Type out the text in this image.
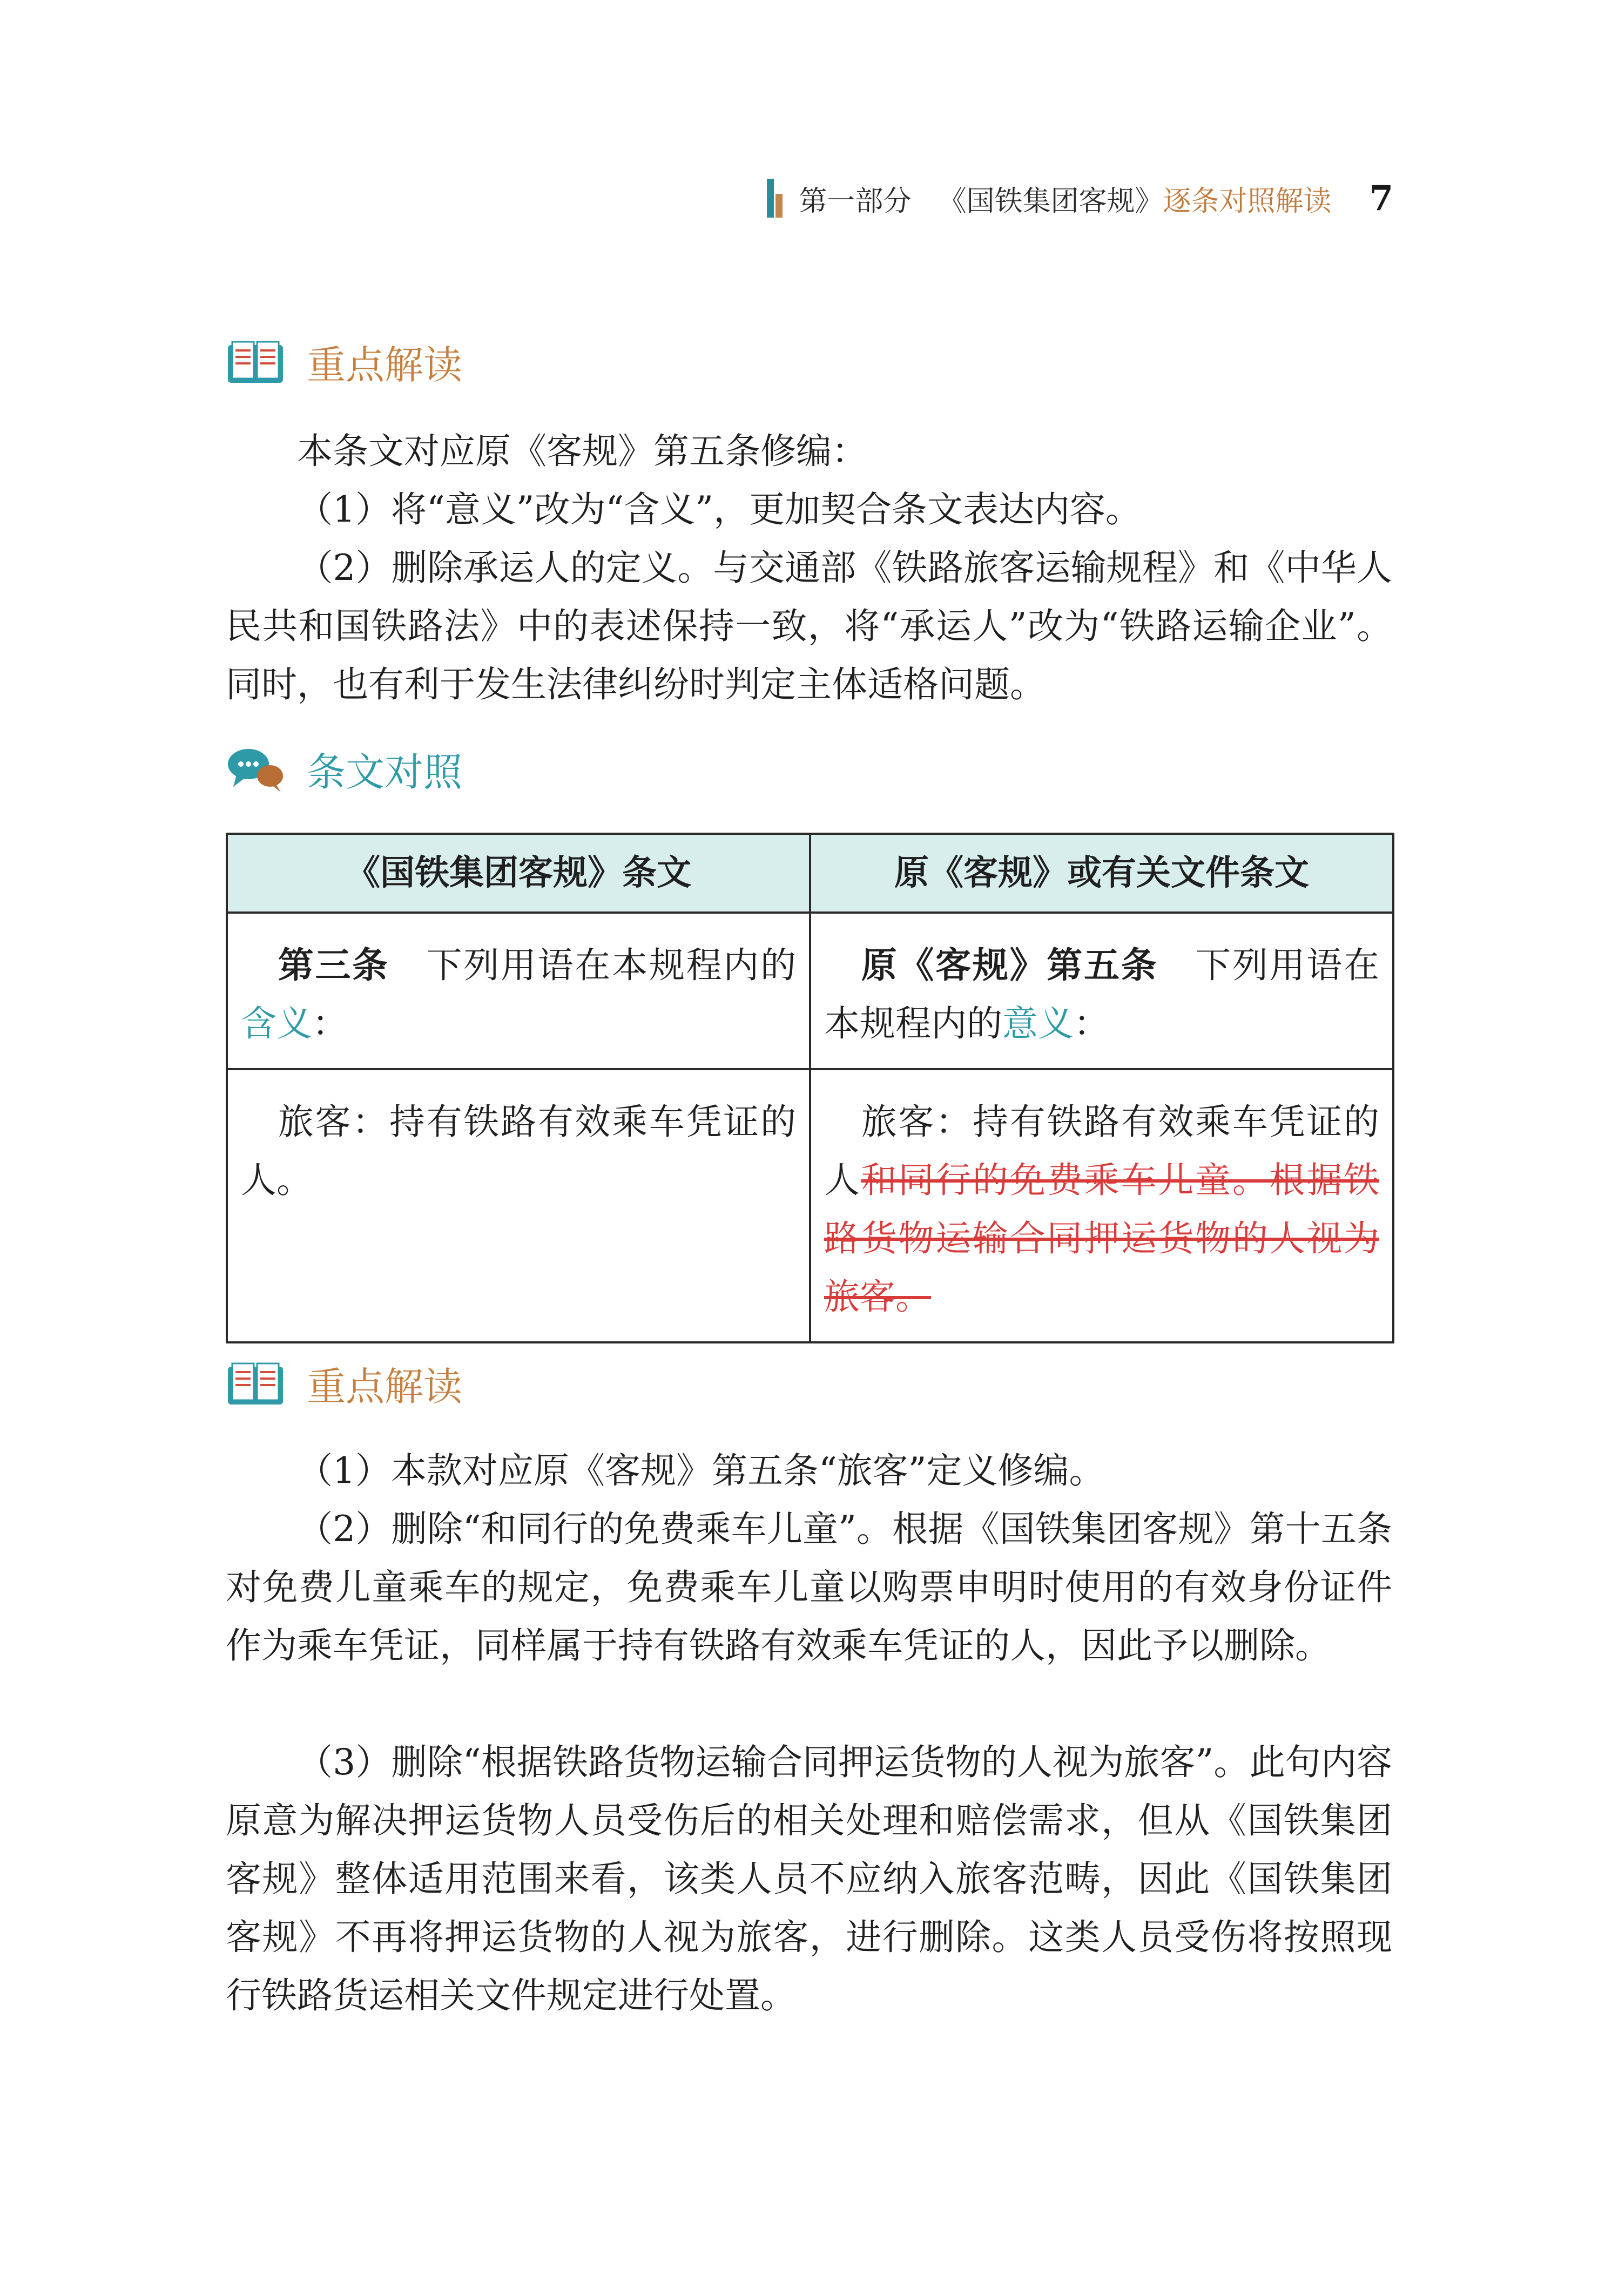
第一部分 《国铁集团客规》 逐条对照解读 7
重点解读

本条文对应原《客规》第五条修编：

（1）将“意义”改为“含义”，更加契合条文表达内容。

（2）删除承运人的定义。与交通部《铁路旅客运输规程》和《中华人民共和国铁路法》中的表述保持一致，将“承运人”改为“铁路运输企业”。同时，也有利于发生法律纠纷时判定主体适格问题。

条文对照
《国铁集团客规》条文	原《客规》或有关文件条文
第三条　下列用语在本规程内的含义：	原《客规》第五条　下列用语在本规程内的意义：
旅客：持有铁路有效乘车凭证的人。	旅客：持有铁路有效乘车凭证的人和同行的免费乘车儿童。根据铁路货物运输合同押运货物的人视为旅客。
重点解读

（1）本款对应原《客规》第五条“旅客”定义修编。

（2）删除“和同行的免费乘车儿童”。根据《国铁集团客规》第十五条对免费儿童乘车的规定，免费乘车儿童以购票申明时使用的有效身份证件作为乘车凭证，同样属于持有铁路有效乘车凭证的人，因此予以删除。

（3）删除“根据铁路货物运输合同押运货物的人视为旅客”。此句内容原意为解决押运货物人员受伤后的相关处理和赔偿需求，但从《国铁集团客规》整体适用范围来看，该类人员不应纳入旅客范畴，因此《国铁集团客规》不再将押运货物的人视为旅客，进行删除。这类人员受伤将按照现行铁路货运相关文件规定进行处置。
